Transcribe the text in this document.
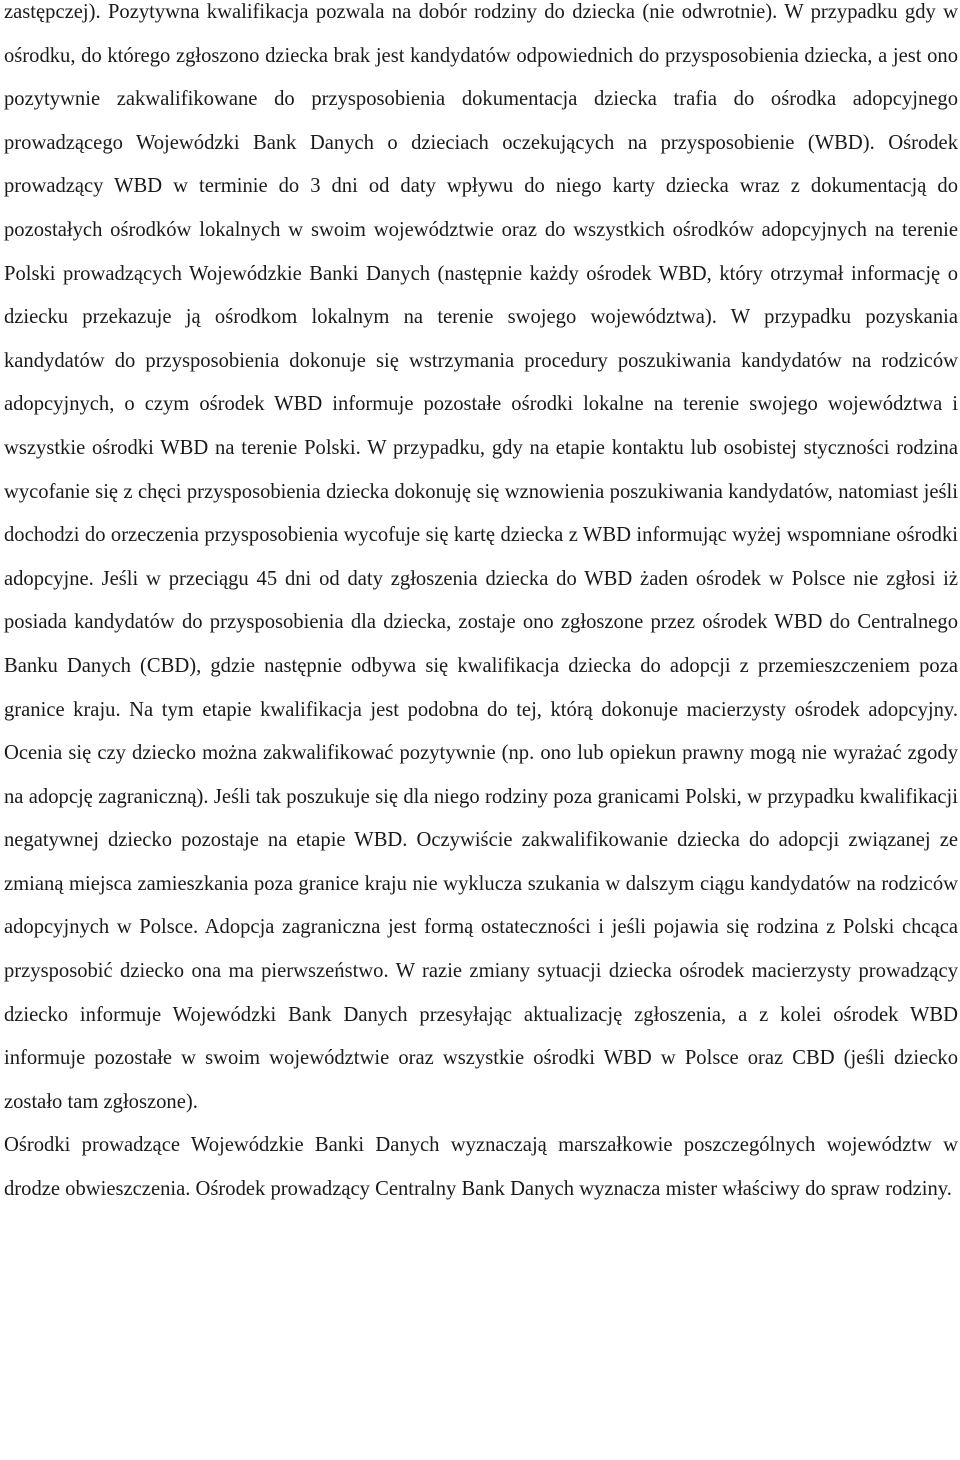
zastępczej). Pozytywna kwalifikacja pozwala na dobór rodziny do dziecka (nie odwrotnie). W przypadku gdy w ośrodku, do którego zgłoszono dziecka brak jest kandydatów odpowiednich do przysposobienia dziecka, a jest ono pozytywnie zakwalifikowane do przysposobienia dokumentacja dziecka trafia do ośrodka adopcyjnego prowadzącego Wojewódzki Bank Danych o dzieciach oczekujących na przysposobienie (WBD). Ośrodek prowadzący WBD w terminie do 3 dni od daty wpływu do niego karty dziecka wraz z dokumentacją do pozostałych ośrodków lokalnych w swoim województwie oraz do wszystkich ośrodków adopcyjnych na terenie Polski prowadzących Wojewódzkie Banki Danych (następnie każdy ośrodek WBD, który otrzymał informację o dziecku przekazuje ją ośrodkom lokalnym na terenie swojego województwa). W przypadku pozyskania kandydatów do przysposobienia dokonuje się wstrzymania procedury poszukiwania kandydatów na rodziców adopcyjnych, o czym ośrodek WBD informuje pozostałe ośrodki lokalne na terenie swojego województwa i wszystkie ośrodki WBD na terenie Polski. W przypadku, gdy na etapie kontaktu lub osobistej styczności rodzina wycofanie się z chęci przysposobienia dziecka dokonuję się wznowienia poszukiwania kandydatów, natomiast jeśli dochodzi do orzeczenia przysposobienia wycofuje się kartę dziecka z WBD informując wyżej wspomniane ośrodki adopcyjne. Jeśli w przeciągu 45 dni od daty zgłoszenia dziecka do WBD żaden ośrodek w Polsce nie zgłosi iż posiada kandydatów do przysposobienia dla dziecka, zostaje ono zgłoszone przez ośrodek WBD do Centralnego Banku Danych (CBD), gdzie następnie odbywa się kwalifikacja dziecka do adopcji z przemieszczeniem poza granice kraju. Na tym etapie kwalifikacja jest podobna do tej, którą dokonuje macierzysty ośrodek adopcyjny. Ocenia się czy dziecko można zakwalifikować pozytywnie (np. ono lub opiekun prawny mogą nie wyrażać zgody na adopcję zagraniczną). Jeśli tak poszukuje się dla niego rodziny poza granicami Polski, w przypadku kwalifikacji negatywnej dziecko pozostaje na etapie WBD. Oczywiście zakwalifikowanie dziecka do adopcji związanej ze zmianą miejsca zamieszkania poza granice kraju nie wyklucza szukania w dalszym ciągu kandydatów na rodziców adopcyjnych w Polsce. Adopcja zagraniczna jest formą ostateczności i jeśli pojawia się rodzina z Polski chcąca przysposobić dziecko ona ma pierwszeństwo. W razie zmiany sytuacji dziecka ośrodek macierzysty prowadzący dziecko informuje Wojewódzki Bank Danych przesyłając aktualizację zgłoszenia, a z kolei ośrodek WBD informuje pozostałe w swoim województwie oraz wszystkie ośrodki WBD w Polsce oraz CBD (jeśli dziecko zostało tam zgłoszone).

Ośrodki prowadzące Wojewódzkie Banki Danych wyznaczają marszałkowie poszczególnych województw w drodze obwieszczenia. Ośrodek prowadzący Centralny Bank Danych wyznacza mister właściwy do spraw rodziny.
